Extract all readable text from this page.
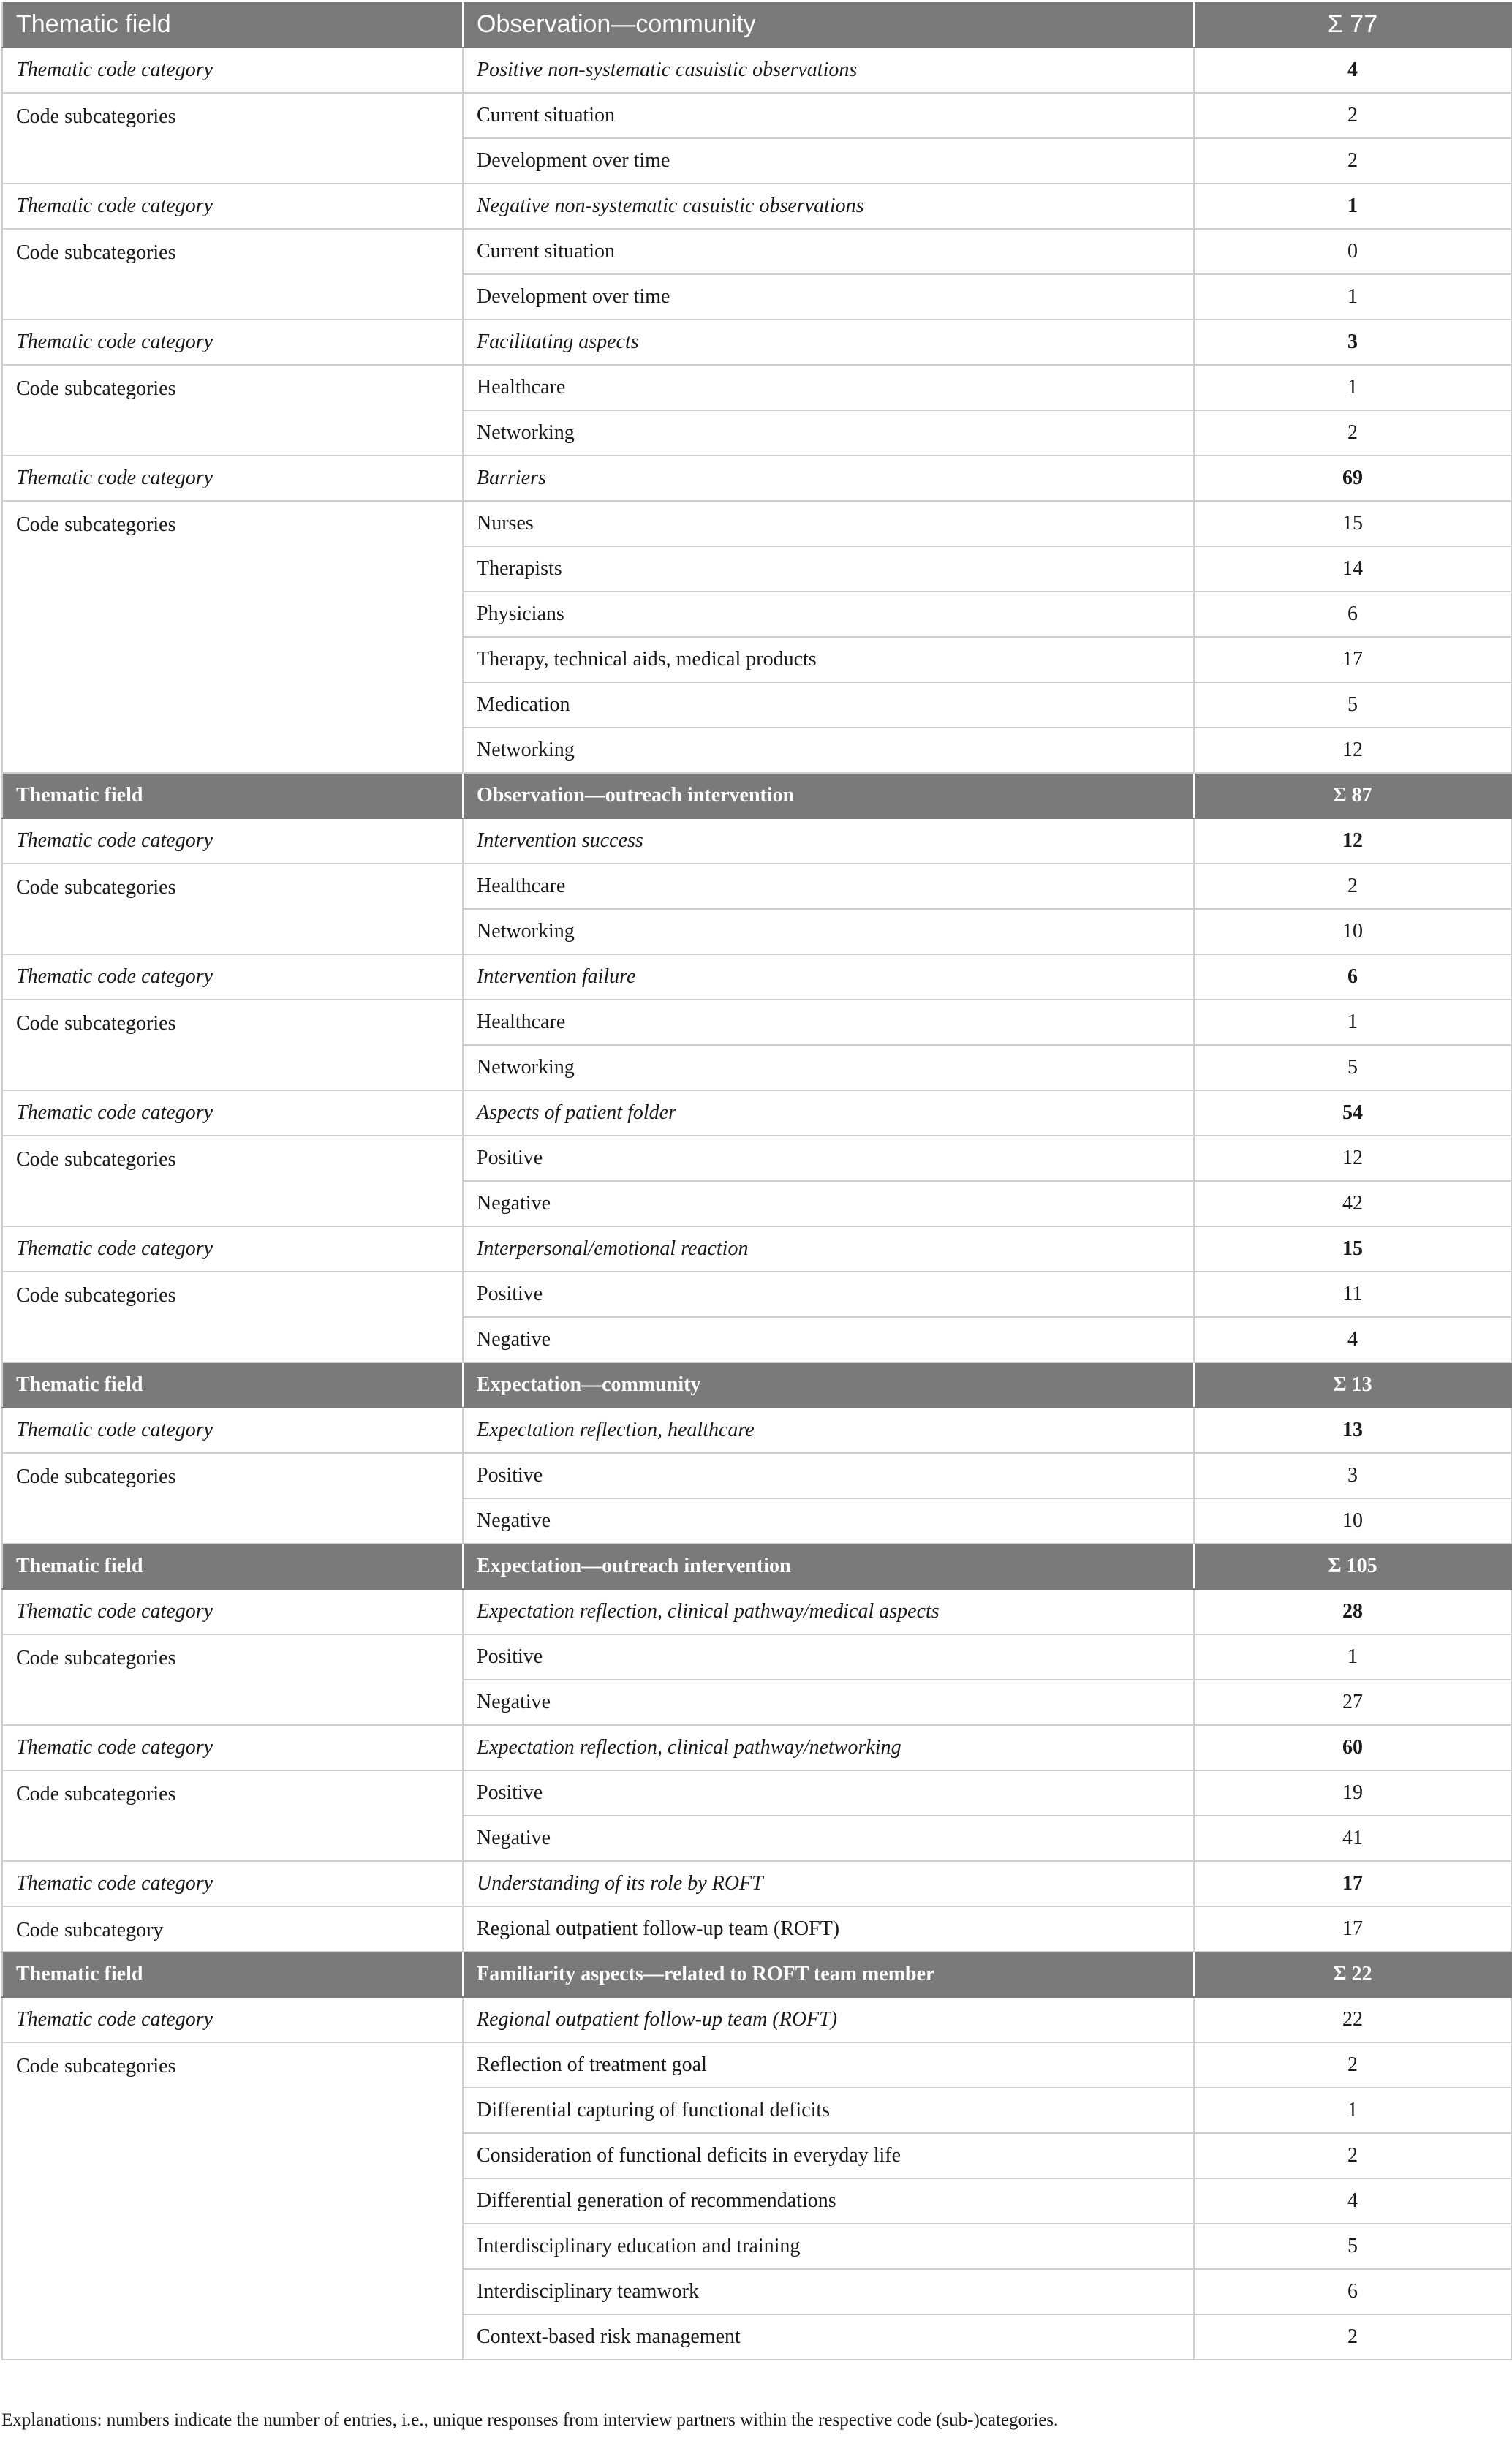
Thematic field	Observation—community	Σ 77
Thematic code category	Positive non-systematic casuistic observations	4
Code subcategories	Current situation	2
	Development over time	2
Thematic code category	Negative non-systematic casuistic observations	1
Code subcategories	Current situation	0
	Development over time	1
Thematic code category	Facilitating aspects	3
Code subcategories	Healthcare	1
	Networking	2
Thematic code category	Barriers	69
Code subcategories	Nurses	15
	Therapists	14
	Physicians	6
	Therapy, technical aids, medical products	17
	Medication	5
	Networking	12
Thematic field	Observation—outreach intervention	Σ 87
Thematic code category	Intervention success	12
Code subcategories	Healthcare	2
	Networking	10
Thematic code category	Intervention failure	6
Code subcategories	Healthcare	1
	Networking	5
Thematic code category	Aspects of patient folder	54
Code subcategories	Positive	12
	Negative	42
Thematic code category	Interpersonal/emotional reaction	15
Code subcategories	Positive	11
	Negative	4
Thematic field	Expectation—community	Σ 13
Thematic code category	Expectation reflection, healthcare	13
Code subcategories	Positive	3
	Negative	10
Thematic field	Expectation—outreach intervention	Σ 105
Thematic code category	Expectation reflection, clinical pathway/medical aspects	28
Code subcategories	Positive	1
	Negative	27
Thematic code category	Expectation reflection, clinical pathway/networking	60
Code subcategories	Positive	19
	Negative	41
Thematic code category	Understanding of its role by ROFT	17
Code subcategory	Regional outpatient follow-up team (ROFT)	17
Thematic field	Familiarity aspects—related to ROFT team member	Σ 22
Thematic code category	Regional outpatient follow-up team (ROFT)	22
Code subcategories	Reflection of treatment goal	2
	Differential capturing of functional deficits	1
	Consideration of functional deficits in everyday life	2
	Differential generation of recommendations	4
	Interdisciplinary education and training	5
	Interdisciplinary teamwork	6
	Context-based risk management	2
Explanations: numbers indicate the number of entries, i.e., unique responses from interview partners within the respective code (sub-)categories.
